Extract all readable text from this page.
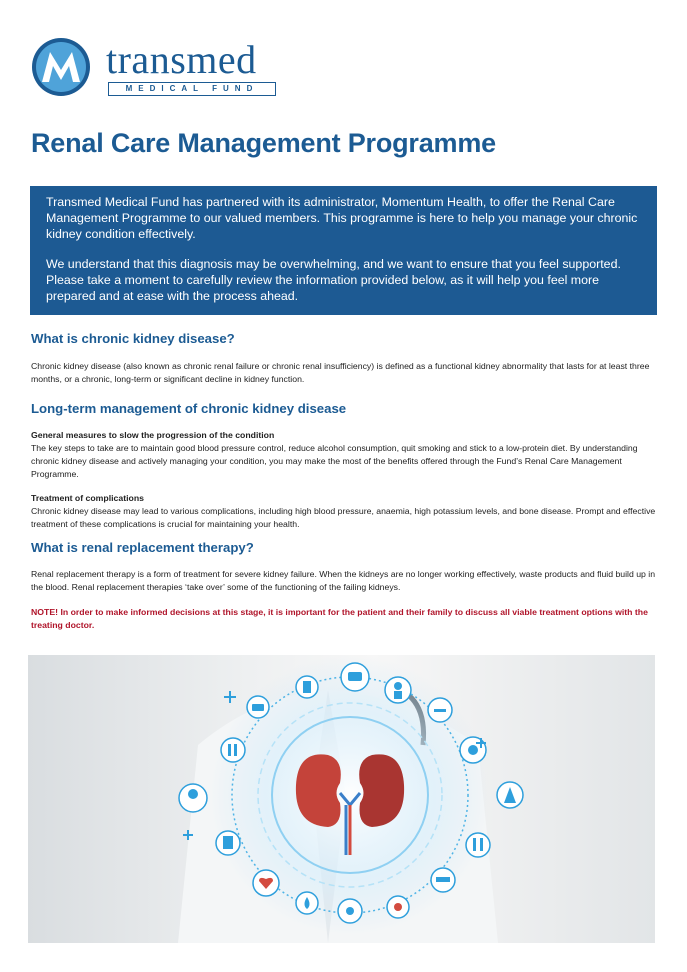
transmed
MEDICAL FUND
Renal Care Management Programme

Transmed Medical Fund has partnered with its administrator, Momentum Health, to offer the Renal Care Management Programme to our valued members. This programme is here to help you manage your chronic kidney condition effectively.

We understand that this diagnosis may be overwhelming, and we want to ensure that you feel supported. Please take a moment to carefully review the information provided below, as it will help you feel more prepared and at ease with the process ahead.

What is chronic kidney disease?

Chronic kidney disease (also known as chronic renal failure or chronic renal insufficiency) is defined as a functional kidney abnormality that lasts for at least three months, or a chronic, long-term or significant decline in kidney function.

Long-term management of chronic kidney disease

General measures to slow the progression of the condition
The key steps to take are to maintain good blood pressure control, reduce alcohol consumption, quit smoking and stick to a low-protein diet. By understanding chronic kidney disease and actively managing your condition, you may make the most of the benefits offered through the Fund’s Renal Care Management Programme.

Treatment of complications
Chronic kidney disease may lead to various complications, including high blood pressure, anaemia, high potassium levels, and bone disease. Prompt and effective treatment of these complications is crucial for maintaining your health.

What is renal replacement therapy?

Renal replacement therapy is a form of treatment for severe kidney failure. When the kidneys are no longer working effectively, waste products and fluid build up in the blood. Renal replacement therapies ‘take over’ some of the functioning of the failing kidneys.

NOTE! In order to make informed decisions at this stage, it is important for the patient and their family to discuss all viable treatment options with the treating doctor.
